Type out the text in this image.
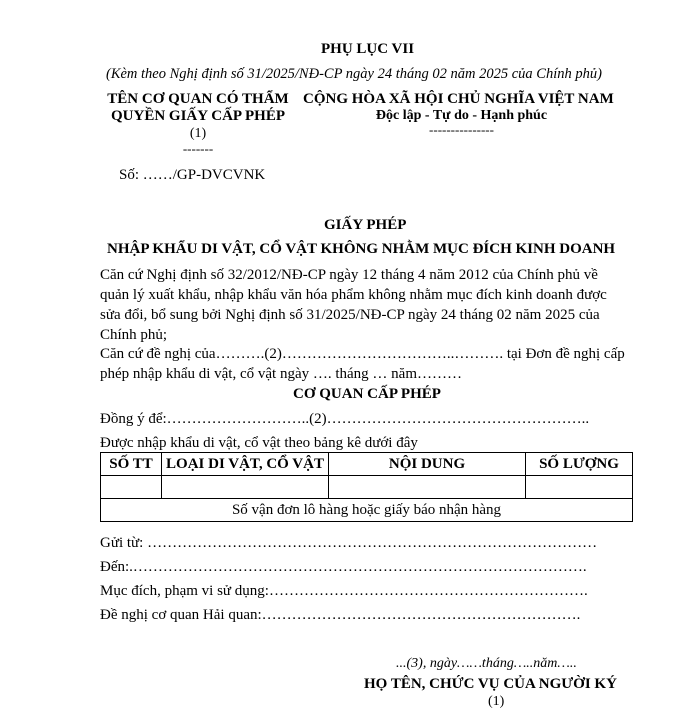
PHỤ LỤC VII
(Kèm theo Nghị định số 31/2025/NĐ-CP ngày 24 tháng 02 năm 2025 của Chính phủ)
TÊN CƠ QUAN CÓ THẨM
QUYỀN GIẤY CẤP PHÉP
(1)
-------
Số: ……/GP-DVCVNK
CỘNG HÒA XÃ HỘI CHỦ NGHĨA VIỆT NAM
Độc lập - Tự do - Hạnh phúc
---------------
GIẤY PHÉP
NHẬP KHẨU DI VẬT, CỔ VẬT KHÔNG NHẰM MỤC ĐÍCH KINH DOANH
Căn cứ Nghị định số 32/2012/NĐ-CP ngày 12 tháng 4 năm 2012 của Chính phủ về quản lý xuất khẩu, nhập khẩu văn hóa phẩm không nhằm mục đích kinh doanh được sửa đổi, bổ sung bởi Nghị định số 31/2025/NĐ-CP ngày 24 tháng 02 năm 2025 của Chính phủ;
Căn cứ đề nghị của……….(2)……………………………..………. tại Đơn đề nghị cấp phép nhập khẩu di vật, cổ vật ngày …. tháng … năm………
CƠ QUAN CẤP PHÉP
Đồng ý để:………………………..(2)……………………………………………..
Được nhập khẩu di vật, cổ vật theo bảng kê dưới đây
SỐ TT	LOẠI DI VẬT, CỔ VẬT	NỘI DUNG	SỐ LƯỢNG

Số vận đơn lô hàng hoặc giấy báo nhận hàng			
Gửi từ: ………………………………………………………………………………
Đến:.……………………………………………………………………………….
Mục đích, phạm vi sử dụng:……………………………………………………….
Đề nghị cơ quan Hải quan:……………………………………………………….
...(3), ngày……tháng…..năm…..
HỌ TÊN, CHỨC VỤ CỦA NGƯỜI KÝ
(1)
